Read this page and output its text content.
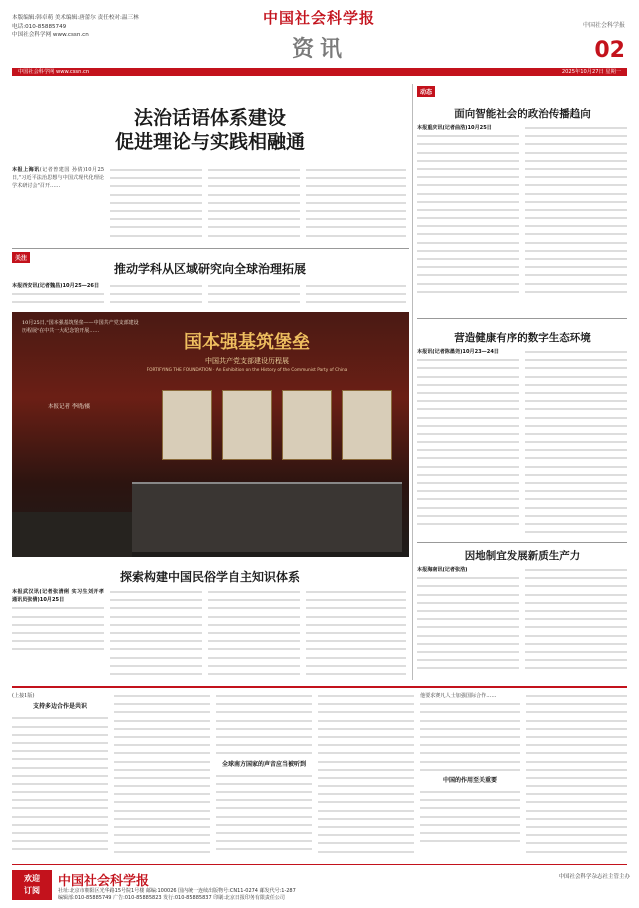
本版编辑:韩卓萌 美术编辑:唐蕾尔 责任校对:温三林
电话:010-85885749
中国社会科学网 www.cssn.cn
中国社会科学报
资讯
中国社会科学报
02
中国社会科学网 www.cssn.cn	2025年10月27日 星期一
法治话语体系建设
促进理论与实践相融通
本报上海讯(记者曾建国 孙倩)10月25日,"习近平法治思想与中国式现代化理论学术研讨会"召开……
关注
推动学科从区域研究向全球治理拓展
本报西安讯(记者魏昌)10月25—26日
10月25日,"国本强基筑堡垒——中国共产党支部建设历程展"在中共一大纪念馆开展……
本报记者 李晓/摄
国本强基筑堡垒
中国共产党支部建设历程展
FORTIFYING THE FOUNDATION · An Exhibition on the History of the Communist Party of China
探索构建中国民俗学自主知识体系
本报武汉讯(记者张清俐 实习生刘开孝 通讯员张倩)10月25日
动态
面向智能社会的政治传播趋向
本报重庆讯(记者曲浩)10月25日
营造健康有序的数字生态环境
本报讯(记者陈墨尧)10月23—24日
因地制宜发展新质生产力
本报海南讯(记者张浩)
(上接1版)
支持多边合作是共识
全球南方国家的声音应当被听到
他要求赛凡人士加强国际合作……
中国的作用至关重要
欢迎
订阅
中国社会科学报	中国社会科学杂志社主管主办
社址:北京市朝阳区光华路15号院1号楼 邮编:100026 国内统一连续出版物号:CN11-0274 邮发代号:1-287
编辑部:010-85885749 广告:010-85885823 发行:010-85885837 印刷:北京日报印务有限责任公司
